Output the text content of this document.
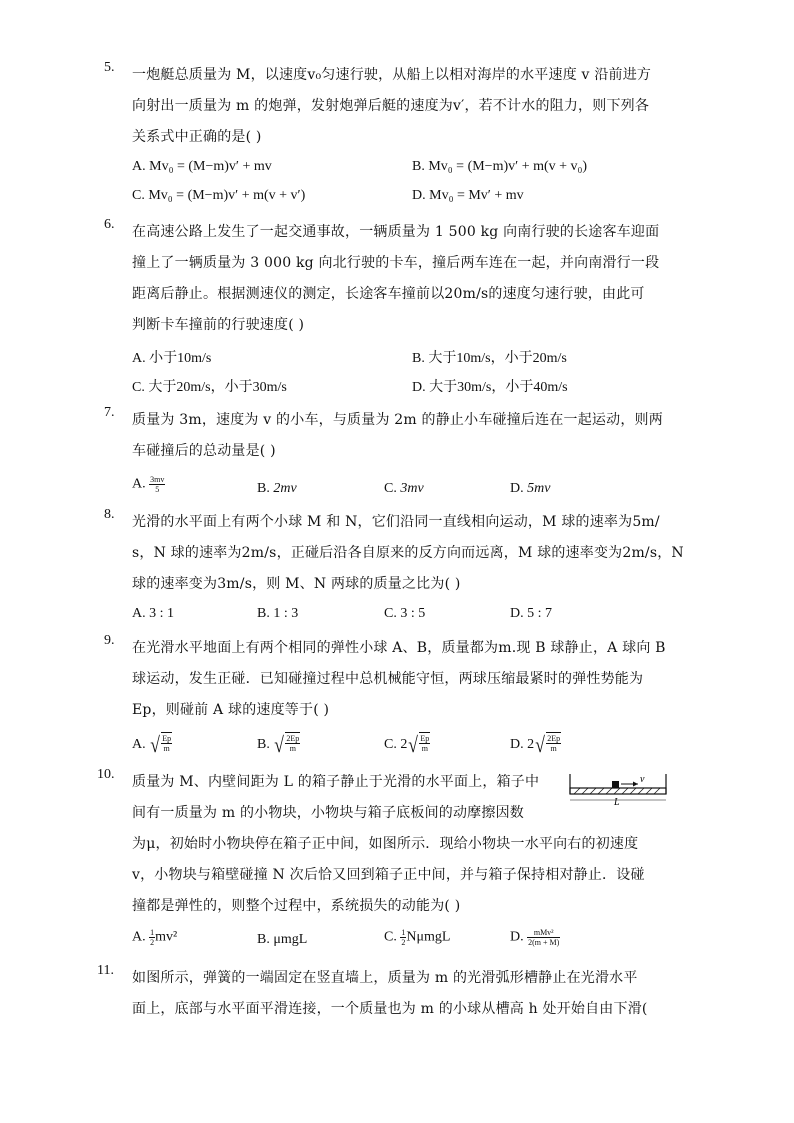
5. 一炮艇总质量为 M，以速度v₀匀速行驶，从船上以相对海岸的水平速度 v 沿前进方
向射出一质量为 m 的炮弹，发射炮弹后艇的速度为v′，若不计水的阻力，则下列各
关系式中正确的是( )
A. Mv₀ = (M−m)v′ + mv	B. Mv₀ = (M−m)v′ + m(v + v₀)
C. Mv₀ = (M−m)v′ + m(v + v′)	D. Mv₀ = Mv′ + mv
6. 在高速公路上发生了一起交通事故，一辆质量为 1 500 kg 向南行驶的长途客车迎面
撞上了一辆质量为 3 000 kg 向北行驶的卡车，撞后两车连在一起，并向南滑行一段
距离后静止。根据测速仪的测定，长途客车撞前以20m/s的速度匀速行驶，由此可
判断卡车撞前的行驶速度( )
A. 小于10m/s	B. 大于10m/s，小于20m/s
C. 大于20m/s，小于30m/s	D. 大于30m/s，小于40m/s
7. 质量为 3m，速度为 v 的小车，与质量为 2m 的静止小车碰撞后连在一起运动，则两
车碰撞后的总动量是( )
A. $\frac{3mv}{5}$	B. 2mv	C. 3mv	D. 5mv
8. 光滑的水平面上有两个小球 M 和 N，它们沿同一直线相向运动，M 球的速率为5m/
s，N 球的速率为2m/s，正碰后沿各自原来的反方向而远离，M 球的速率变为2m/s，N
球的速率变为3m/s，则 M、N 两球的质量之比为( )
A. 3 : 1	B. 1 : 3	C. 3 : 5	D. 5 : 7
9. 在光滑水平地面上有两个相同的弹性小球 A、B，质量都为m.现 B 球静止，A 球向 B
球运动，发生正碰．已知碰撞过程中总机械能守恒，两球压缩最紧时的弹性势能为
Ep，则碰前 A 球的速度等于( )
A. √ $\frac{Ep}{m}$	B. √ $\frac{2Ep}{m}$	C. 2 √ $\frac{Ep}{m}$	D. 2 √ $\frac{2Ep}{m}$
10. 质量为 M、内壁间距为 L 的箱子静止于光滑的水平面上，箱子中
间有一质量为 m 的小物块，小物块与箱子底板间的动摩擦因数
为μ，初始时小物块停在箱子正中间，如图所示．现给小物块一水平向右的初速度
v，小物块与箱壁碰撞 N 次后恰又回到箱子正中间，并与箱子保持相对静止．设碰
撞都是弹性的，则整个过程中，系统损失的动能为( )
A. $\frac{1}{2} mv^2$	B. μmgL	C. $\frac{1}{2}$ NμmgL	D. $\frac{\text{mMv²}}{2(m + M)}$
v
L
11. 如图所示，弹簧的一端固定在竖直墙上，质量为 m 的光滑弧形槽静止在光滑水平
面上，底部与水平面平滑连接，一个质量也为 m 的小球从槽高 h 处开始自由下滑(
